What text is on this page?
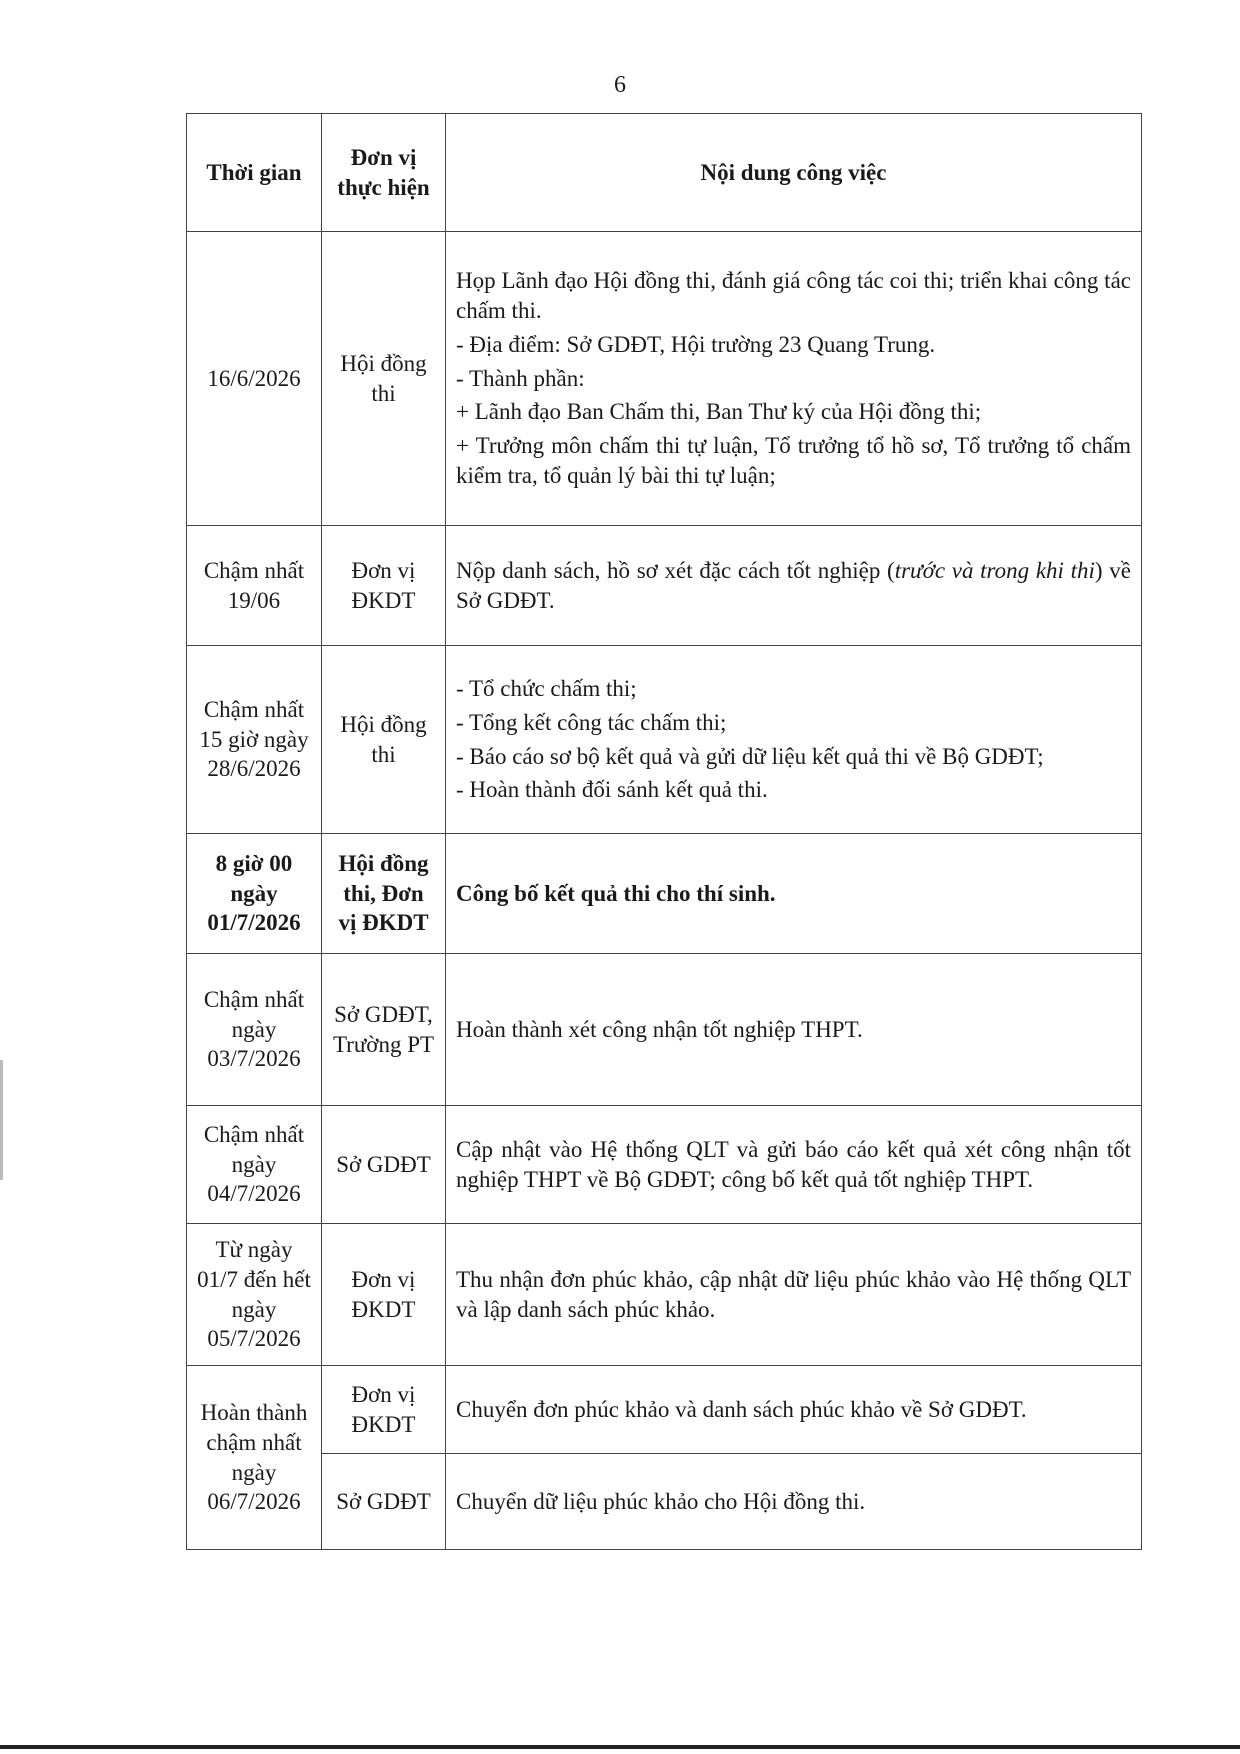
6
Thời gian	Đơn vị thực hiện	Nội dung công việc
16/6/2026	Hội đồng thi	Họp Lãnh đạo Hội đồng thi, đánh giá công tác coi thi; triển khai công tác chấm thi.

- Địa điểm: Sở GDĐT, Hội trường 23 Quang Trung.

- Thành phần:

+ Lãnh đạo Ban Chấm thi, Ban Thư ký của Hội đồng thi;

+ Trưởng môn chấm thi tự luận, Tổ trưởng tổ hồ sơ, Tổ trưởng tổ chấm kiểm tra, tổ quản lý bài thi tự luận;

Chậm nhất 19/06	Đơn vị ĐKDT	Nộp danh sách, hồ sơ xét đặc cách tốt nghiệp (trước và trong khi thi) về Sở GDĐT.

Chậm nhất 15 giờ ngày 28/6/2026	Hội đồng thi	- Tổ chức chấm thi;

- Tổng kết công tác chấm thi;

- Báo cáo sơ bộ kết quả và gửi dữ liệu kết quả thi về Bộ GDĐT;

- Hoàn thành đối sánh kết quả thi.

8 giờ 00 ngày 01/7/2026	Hội đồng thi, Đơn vị ĐKDT	Công bố kết quả thi cho thí sinh.
Chậm nhất ngày 03/7/2026	Sở GDĐT, Trường PT	Hoàn thành xét công nhận tốt nghiệp THPT.
Chậm nhất ngày 04/7/2026	Sở GDĐT	Cập nhật vào Hệ thống QLT và gửi báo cáo kết quả xét công nhận tốt nghiệp THPT về Bộ GDĐT; công bố kết quả tốt nghiệp THPT.

Từ ngày 01/7 đến hết ngày 05/7/2026	Đơn vị ĐKDT	Thu nhận đơn phúc khảo, cập nhật dữ liệu phúc khảo vào Hệ thống QLT và lập danh sách phúc khảo.

Hoàn thành chậm nhất ngày 06/7/2026	Đơn vị ĐKDT	Chuyển đơn phúc khảo và danh sách phúc khảo về Sở GDĐT.
	Sở GDĐT	Chuyển dữ liệu phúc khảo cho Hội đồng thi.
